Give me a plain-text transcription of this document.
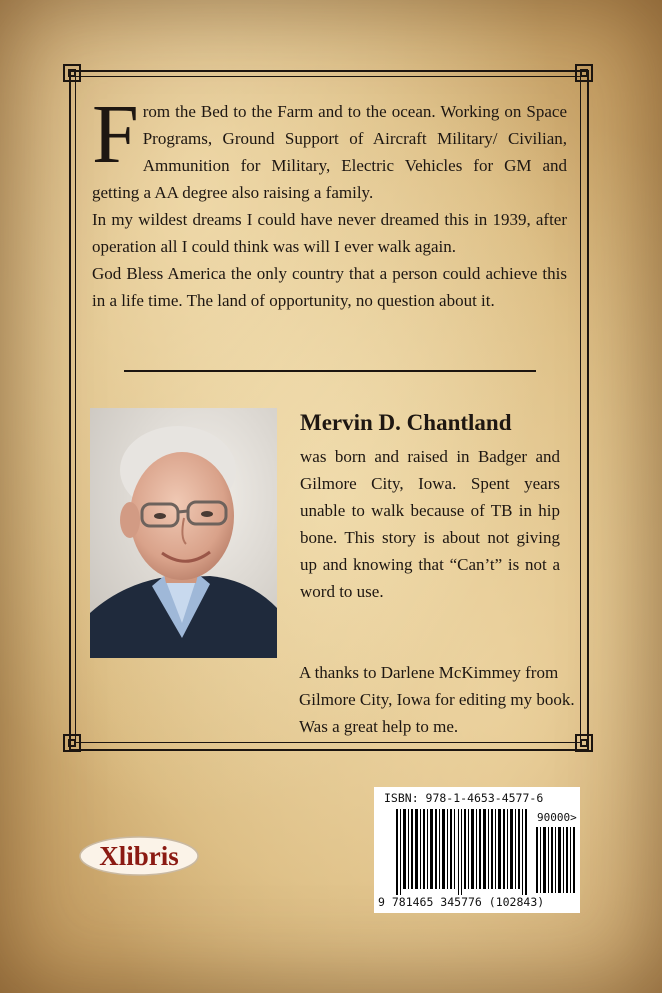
From the Bed to the Farm and to the ocean. Working on Space Programs, Ground Support of Aircraft Military/ Civilian, Ammunition for Military, Electric Vehicles for GM and getting a AA degree also raising a family.

In my wildest dreams I could have never dreamed this in 1939, after operation all I could think was will I ever walk again.

God Bless America the only country that a person could achieve this in a life time. The land of opportunity, no question about it.

Mervin D. Chantland
was born and raised in Badger and Gilmore City, Iowa. Spent years unable to walk because of TB in hip bone. This story is about not giving up and knowing that “Can’t” is not a word to use.
A thanks to Darlene McKimmey from Gilmore City, Iowa for editing my book. Was a great help to me.
Xlibris
ISBN: 978-1-4653-4577-6
90000>
9 781465 345776 (102843)
